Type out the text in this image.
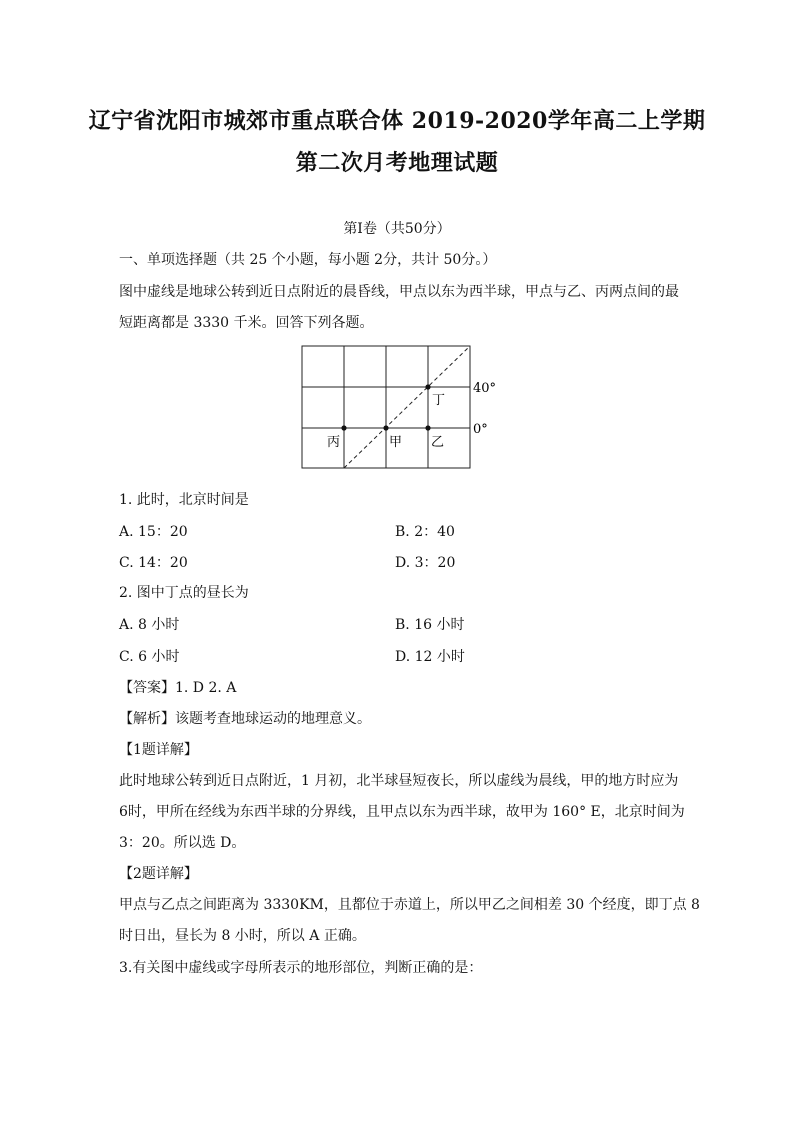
辽宁省沈阳市城郊市重点联合体 2019-2020学年高二上学期
第二次月考地理试题
第Ⅰ卷（共50分）
一、单项选择题（共 25 个小题，每小题 2分，共计 50分。）
图中虚线是地球公转到近日点附近的晨昏线，甲点以东为西半球，甲点与乙、丙两点间的最
短距离都是 3330 千米。回答下列各题。
40°
0°
丁
丙	甲 乙
1. 此时，北京时间是
A. 15：20	B. 2：40
C. 14：20	D. 3：20
2. 图中丁点的昼长为
A. 8 小时	B. 16 小时
C. 6 小时	D. 12 小时
【答案】1. D 2. A
【解析】该题考查地球运动的地理意义。
【1题详解】
此时地球公转到近日点附近，1 月初，北半球昼短夜长，所以虚线为晨线，甲的地方时应为
6时，甲所在经线为东西半球的分界线，且甲点以东为西半球，故甲为 160° E，北京时间为
3：20。所以选 D。
【2题详解】
甲点与乙点之间距离为 3330KM，且都位于赤道上，所以甲乙之间相差 30 个经度，即丁点 8
时日出，昼长为 8 小时，所以 A 正确。
3.有关图中虚线或字母所表示的地形部位，判断正确的是：
